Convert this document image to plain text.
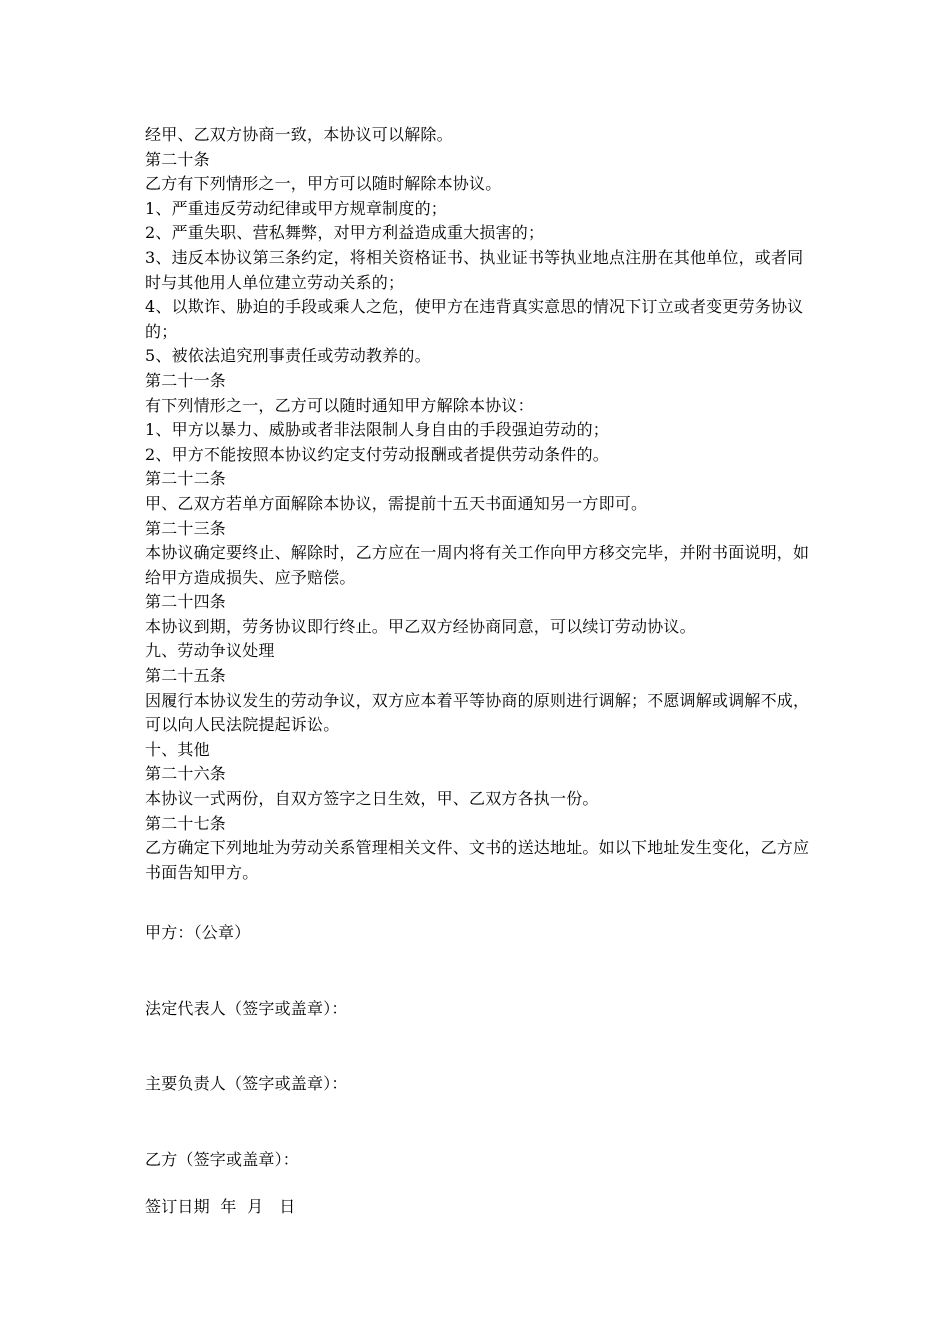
经甲、乙双方协商一致，本协议可以解除。
第二十条
乙方有下列情形之一，甲方可以随时解除本协议。
1、严重违反劳动纪律或甲方规章制度的；
2、严重失职、营私舞弊，对甲方利益造成重大损害的；
3、违反本协议第三条约定，将相关资格证书、执业证书等执业地点注册在其他单位，或者同时与其他用人单位建立劳动关系的；
4、以欺诈、胁迫的手段或乘人之危，使甲方在违背真实意思的情况下订立或者变更劳务协议的；
5、被依法追究刑事责任或劳动教养的。
第二十一条
有下列情形之一，乙方可以随时通知甲方解除本协议：
1、甲方以暴力、威胁或者非法限制人身自由的手段强迫劳动的；
2、甲方不能按照本协议约定支付劳动报酬或者提供劳动条件的。
第二十二条
甲、乙双方若单方面解除本协议，需提前十五天书面通知另一方即可。
第二十三条
本协议确定要终止、解除时，乙方应在一周内将有关工作向甲方移交完毕，并附书面说明，如给甲方造成损失、应予赔偿。
第二十四条
本协议到期，劳务协议即行终止。甲乙双方经协商同意，可以续订劳动协议。
九、劳动争议处理
第二十五条
因履行本协议发生的劳动争议，双方应本着平等协商的原则进行调解；不愿调解或调解不成，可以向人民法院提起诉讼。
十、其他
第二十六条
本协议一式两份，自双方签字之日生效，甲、乙双方各执一份。
第二十七条
乙方确定下列地址为劳动关系管理相关文件、文书的送达地址。如以下地址发生变化，乙方应书面告知甲方。
甲方：（公章）
法定代表人（签字或盖章）：
主要负责人（签字或盖章）：
乙方（签字或盖章）：
签订日期  年  月   日
